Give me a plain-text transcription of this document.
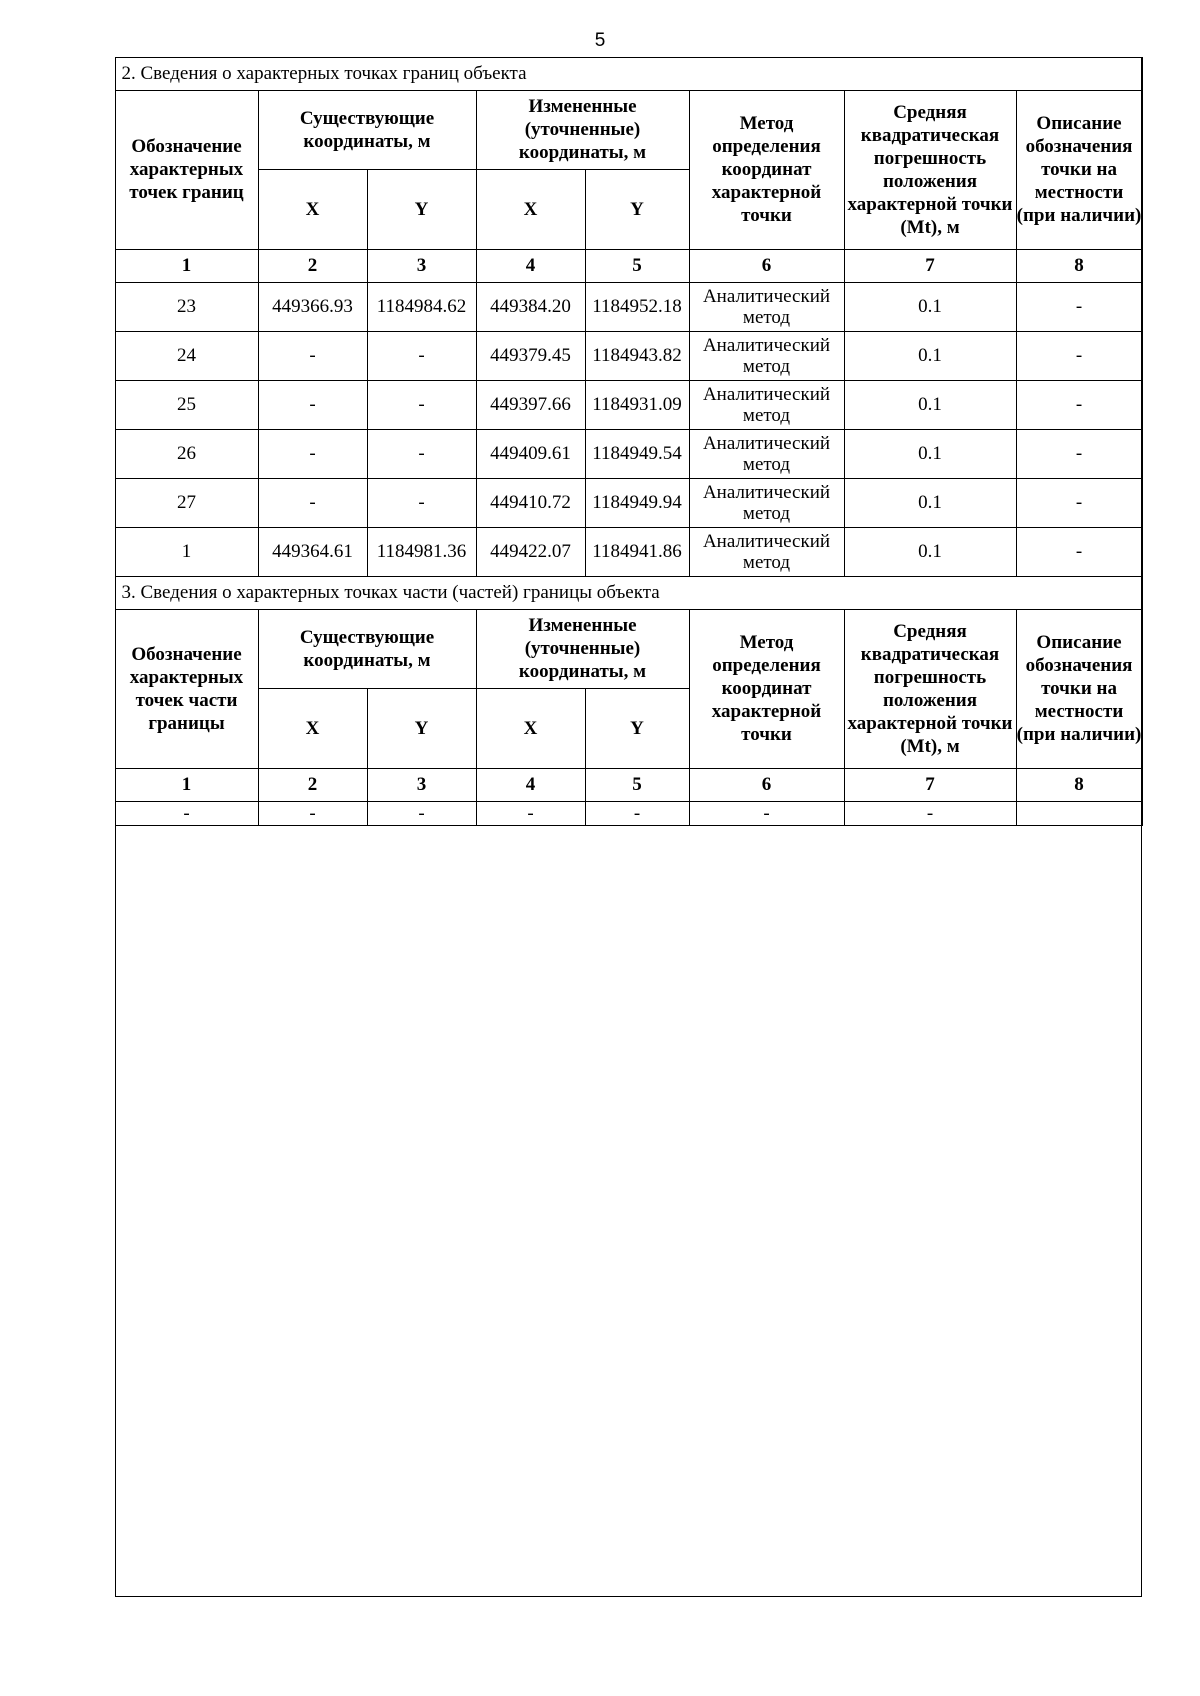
5
2. Сведения о характерных точках границ объекта							
Обозначение характерных точек границ	Существующие координаты, м		Измененные (уточненные) координаты, м		Метод определения координат характерной точки	Средняя квадратическая погрешность положения характерной точки (Mt), м	Описание обозначения точки на местности (при наличии)
	X	Y	X	Y			
1	2	3	4	5	6	7	8
23	449366.93	1184984.62	449384.20	1184952.18	Аналитический метод	0.1	-
24	-	-	449379.45	1184943.82	Аналитический метод	0.1	-
25	-	-	449397.66	1184931.09	Аналитический метод	0.1	-
26	-	-	449409.61	1184949.54	Аналитический метод	0.1	-
27	-	-	449410.72	1184949.94	Аналитический метод	0.1	-
1	449364.61	1184981.36	449422.07	1184941.86	Аналитический метод	0.1	-
3. Сведения о характерных точках части (частей) границы объекта							
Обозначение характерных точек части границы	Существующие координаты, м		Измененные (уточненные) координаты, м		Метод определения координат характерной точки	Средняя квадратическая погрешность положения характерной точки (Mt), м	Описание обозначения точки на местности (при наличии)
	X	Y	X	Y			
1	2	3	4	5	6	7	8
-	-	-	-	-	-	-	
